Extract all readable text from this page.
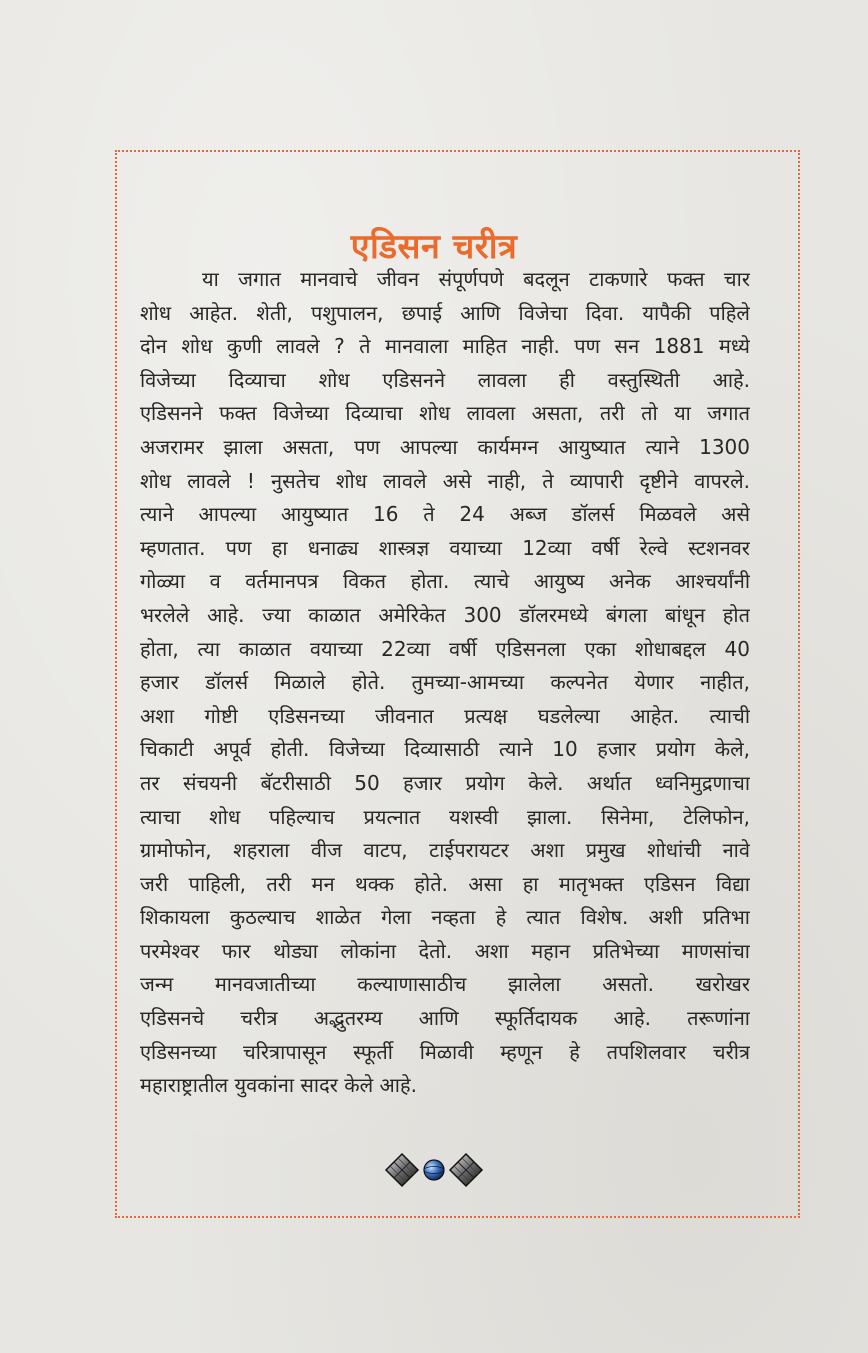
एडिसन चरीत्र
या जगात मानवाचे जीवन संपूर्णपणे बदलून टाकणारे फक्त चार
शोध आहेत. शेती, पशुपालन, छपाई आणि विजेचा दिवा. यापैकी पहिले
दोन शोध कुणी लावले ? ते मानवाला माहित नाही. पण सन 1881 मध्ये
विजेच्या दिव्याचा शोध एडिसनने लावला ही वस्तुस्थिती आहे.
एडिसनने फक्त विजेच्या दिव्याचा शोध लावला असता, तरी तो या जगात
अजरामर झाला असता, पण आपल्या कार्यमग्न आयुष्यात त्याने 1300
शोध लावले ! नुसतेच शोध लावले असे नाही, ते व्यापारी दृष्टीने वापरले.
त्याने आपल्या आयुष्यात 16 ते 24 अब्ज डॉलर्स मिळवले असे
म्हणतात. पण हा धनाढ्य शास्त्रज्ञ वयाच्या 12व्या वर्षी रेल्वे स्टशनवर
गोळ्या व वर्तमानपत्र विकत होता. त्याचे आयुष्य अनेक आश्चर्यांनी
भरलेले आहे. ज्या काळात अमेरिकेत 300 डॉलरमध्ये बंगला बांधून होत
होता, त्या काळात वयाच्या 22व्या वर्षी एडिसनला एका शोधाबद्दल 40
हजार डॉलर्स मिळाले होते. तुमच्या-आमच्या कल्पनेत येणार नाहीत,
अशा गोष्टी एडिसनच्या जीवनात प्रत्यक्ष घडलेल्या आहेत. त्याची
चिकाटी अपूर्व होती. विजेच्या दिव्यासाठी त्याने 10 हजार प्रयोग केले,
तर संचयनी बॅटरीसाठी 50 हजार प्रयोग केले. अर्थात ध्वनिमुद्रणाचा
त्याचा शोध पहिल्याच प्रयत्नात यशस्वी झाला. सिनेमा, टेलिफोन,
ग्रामोफोन, शहराला वीज वाटप, टाईपरायटर अशा प्रमुख शोधांची नावे
जरी पाहिली, तरी मन थक्क होते. असा हा मातृभक्त एडिसन विद्या
शिकायला कुठल्याच शाळेत गेला नव्हता हे त्यात विशेष. अशी प्रतिभा
परमेश्वर फार थोड्या लोकांना देतो. अशा महान प्रतिभेच्या माणसांचा
जन्म मानवजातीच्या कल्याणासाठीच झालेला असतो. खरोखर
एडिसनचे चरीत्र अद्भुतरम्य आणि स्फूर्तिदायक आहे. तरूणांना
एडिसनच्या चरित्रापासून स्फूर्ती मिळावी म्हणून हे तपशिलवार चरीत्र
महाराष्ट्रातील युवकांना सादर केले आहे.
